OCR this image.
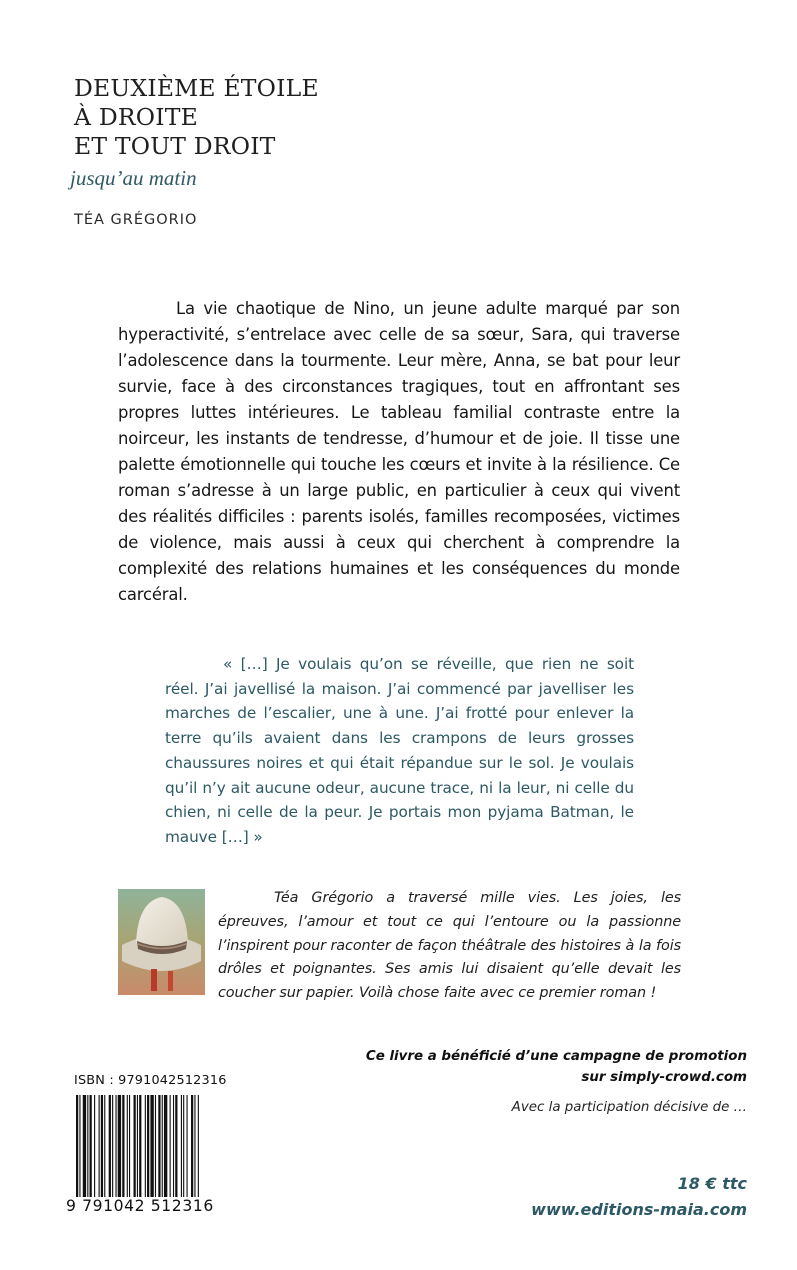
DEUXIÈME ÉTOILE
À DROITE
ET TOUT DROIT
jusqu’au matin
TÉA GRÉGORIO

La vie chaotique de Nino, un jeune adulte marqué par son hyperactivité, s’entrelace avec celle de sa sœur, Sara, qui traverse l’adolescence dans la tourmente. Leur mère, Anna, se bat pour leur survie, face à des circonstances tragiques, tout en affrontant ses propres luttes intérieures. Le tableau familial contraste entre la noirceur, les instants de tendresse, d’humour et de joie. Il tisse une palette émotionnelle qui touche les cœurs et invite à la résilience. Ce roman s’adresse à un large public, en particulier à ceux qui vivent des réalités difficiles : parents isolés, familles recomposées, victimes de violence, mais aussi à ceux qui cherchent à comprendre la complexité des relations humaines et les conséquences du monde carcéral.

« […] Je voulais qu’on se réveille, que rien ne soit réel. J’ai javellisé la maison. J’ai commencé par javelliser les marches de l’escalier, une à une. J’ai frotté pour enlever la terre qu’ils avaient dans les crampons de leurs grosses chaussures noires et qui était répandue sur le sol. Je voulais qu’il n’y ait aucune odeur, aucune trace, ni la leur, ni celle du chien, ni celle de la peur. Je portais mon pyjama Batman, le mauve […] »

Téa Grégorio a traversé mille vies. Les joies, les épreuves, l’amour et tout ce qui l’entoure ou la passionne l’inspirent pour raconter de façon théâtrale des histoires à la fois drôles et poignantes. Ses amis lui disaient qu’elle devait les coucher sur papier. Voilà chose faite avec ce premier roman !

Ce livre a bénéficié d’une campagne de promotion
sur simply-crowd.com
Avec la participation décisive de …
ISBN : 9791042512316
9 791042 512316
18 € ttc
www.editions-maia.com
